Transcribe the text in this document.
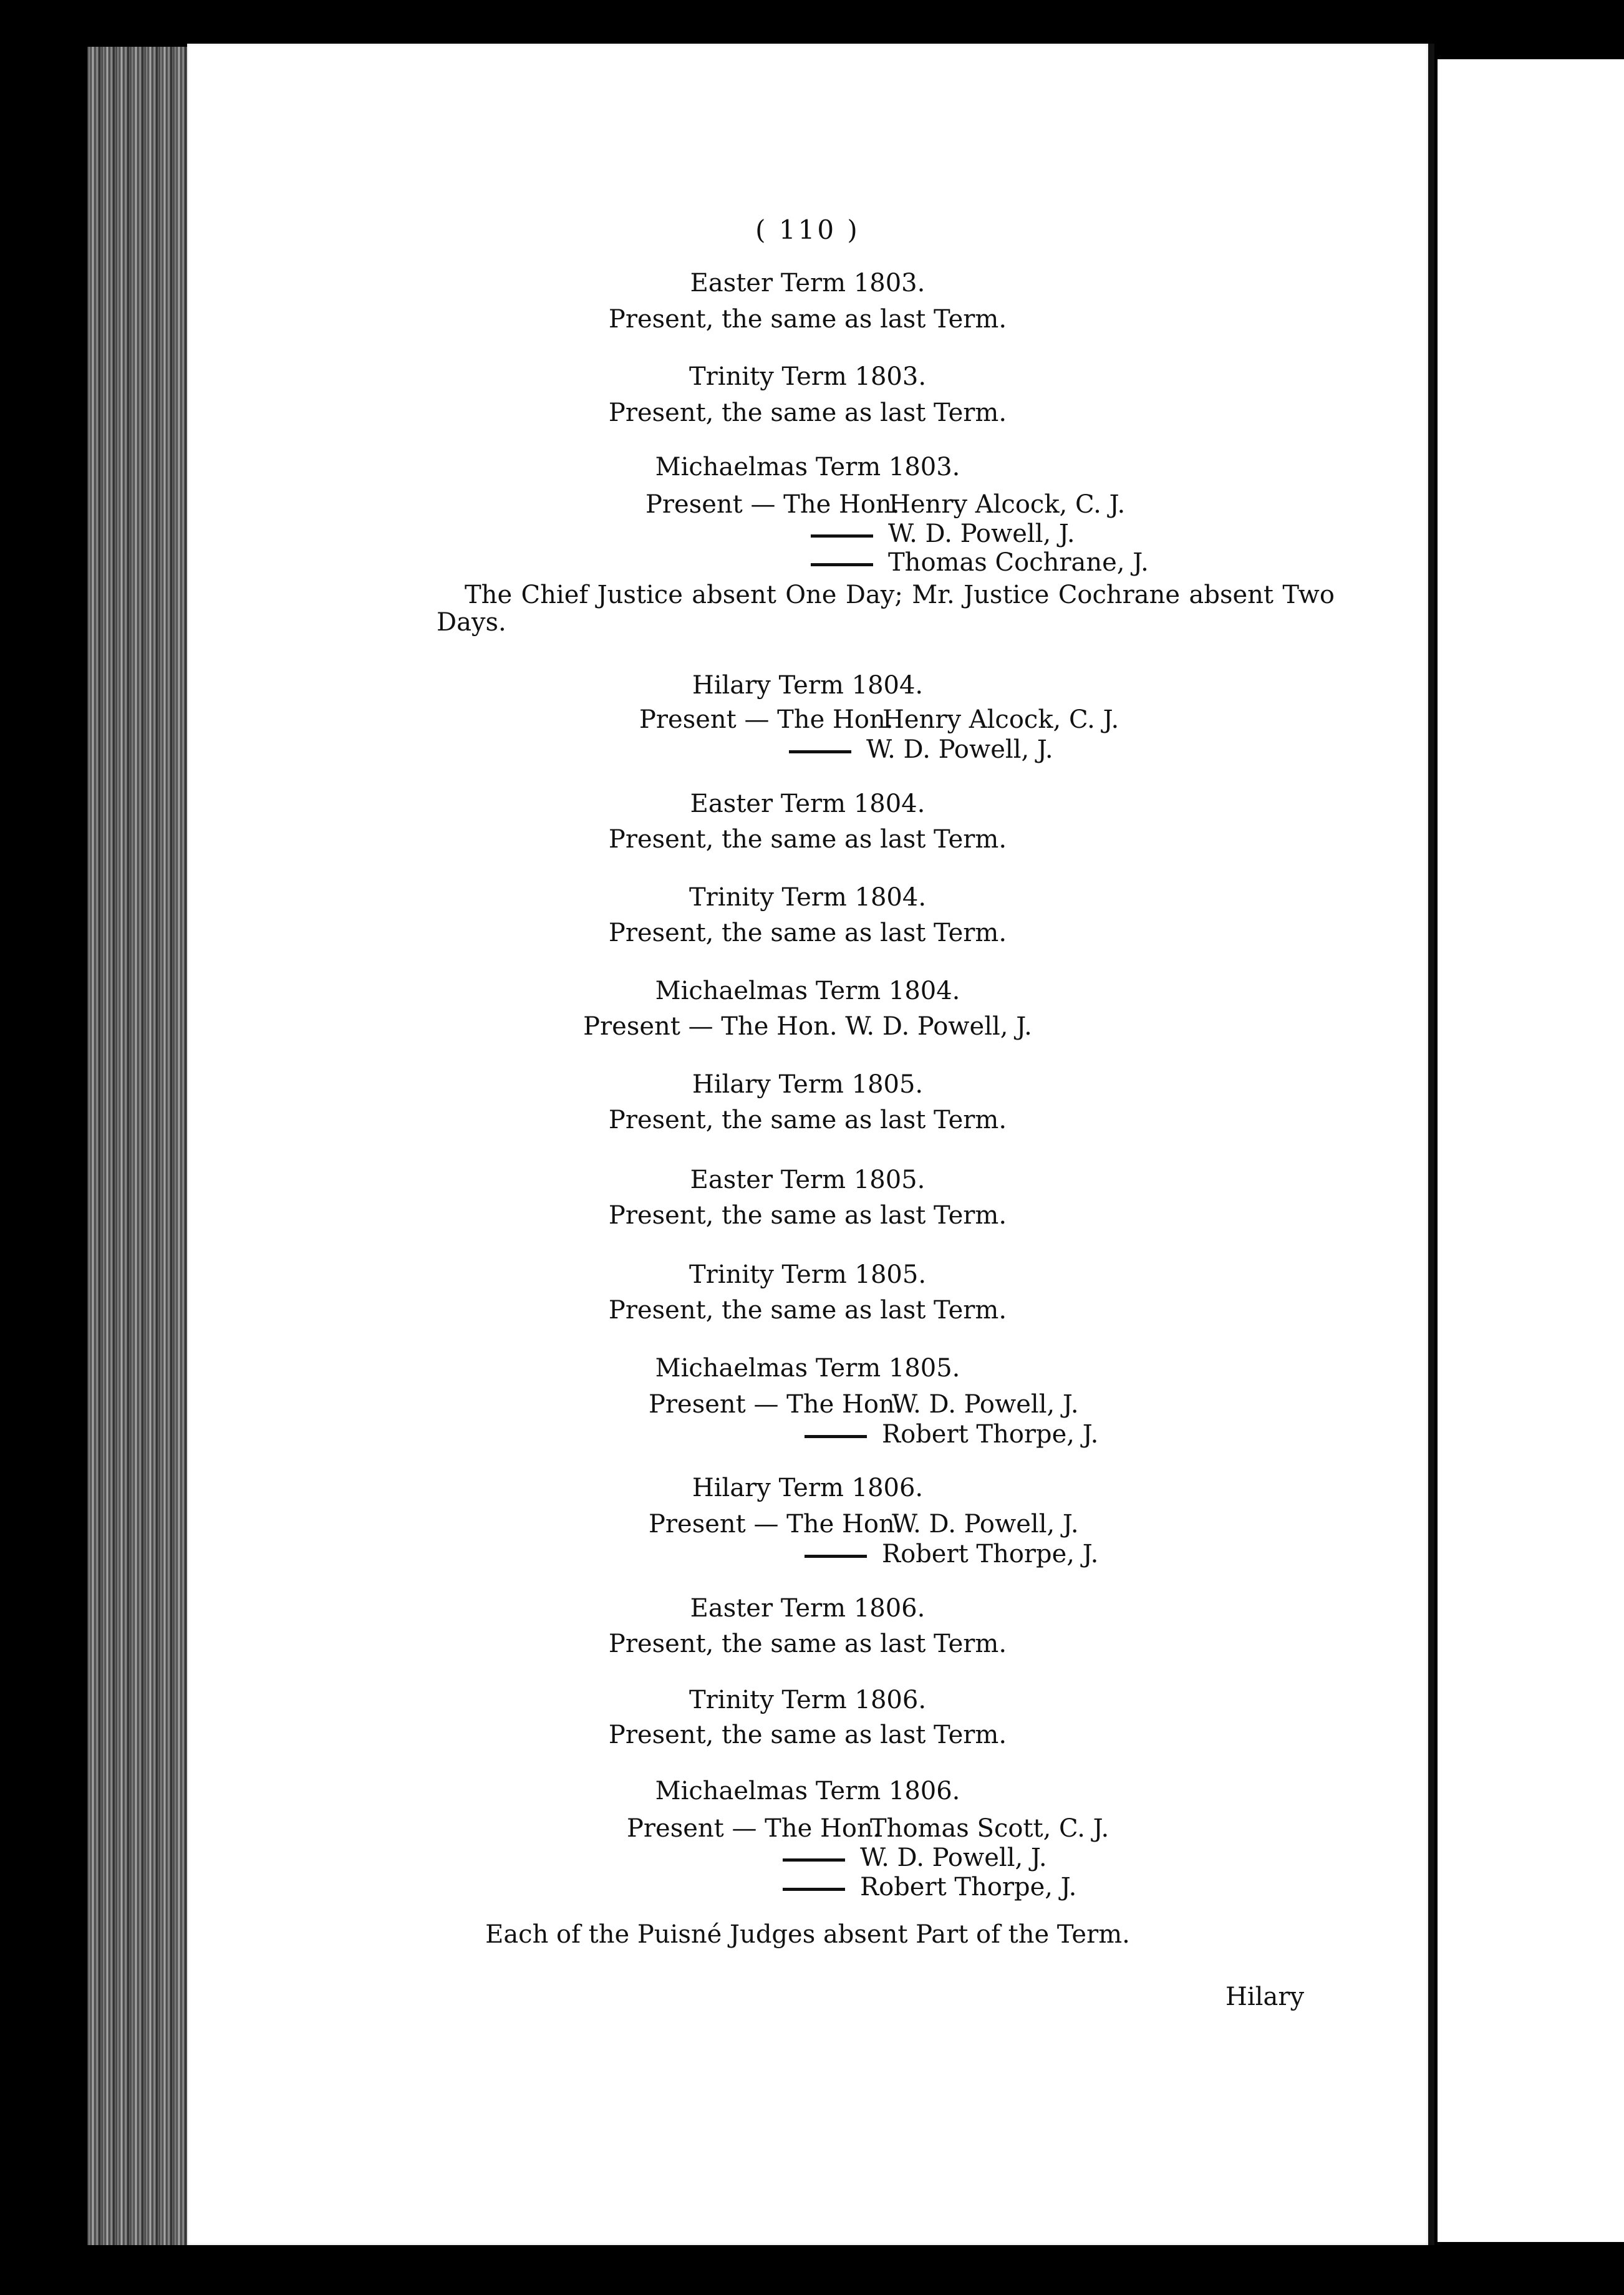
( 110 )
Easter Term 1803.
Present, the same as last Term.
Trinity Term 1803.
Present, the same as last Term.
Michaelmas Term 1803.
Present — The Hon.
Henry Alcock, C. J.
W. D. Powell, J.
Thomas Cochrane, J.
The Chief Justice absent One Day; Mr. Justice Cochrane absent Two Days.
Hilary Term 1804.
Present — The Hon.
Henry Alcock, C. J.
W. D. Powell, J.
Easter Term 1804.
Present, the same as last Term.
Trinity Term 1804.
Present, the same as last Term.
Michaelmas Term 1804.
Present — The Hon. W. D. Powell, J.
Hilary Term 1805.
Present, the same as last Term.
Easter Term 1805.
Present, the same as last Term.
Trinity Term 1805.
Present, the same as last Term.
Michaelmas Term 1805.
Present — The Hon.
W. D. Powell, J.
Robert Thorpe, J.
Hilary Term 1806.
Present — The Hon.
W. D. Powell, J.
Robert Thorpe, J.
Easter Term 1806.
Present, the same as last Term.
Trinity Term 1806.
Present, the same as last Term.
Michaelmas Term 1806.
Present — The Hon.
Thomas Scott, C. J.
W. D. Powell, J.
Robert Thorpe, J.
Each of the Puisné Judges absent Part of the Term.
Hilary
